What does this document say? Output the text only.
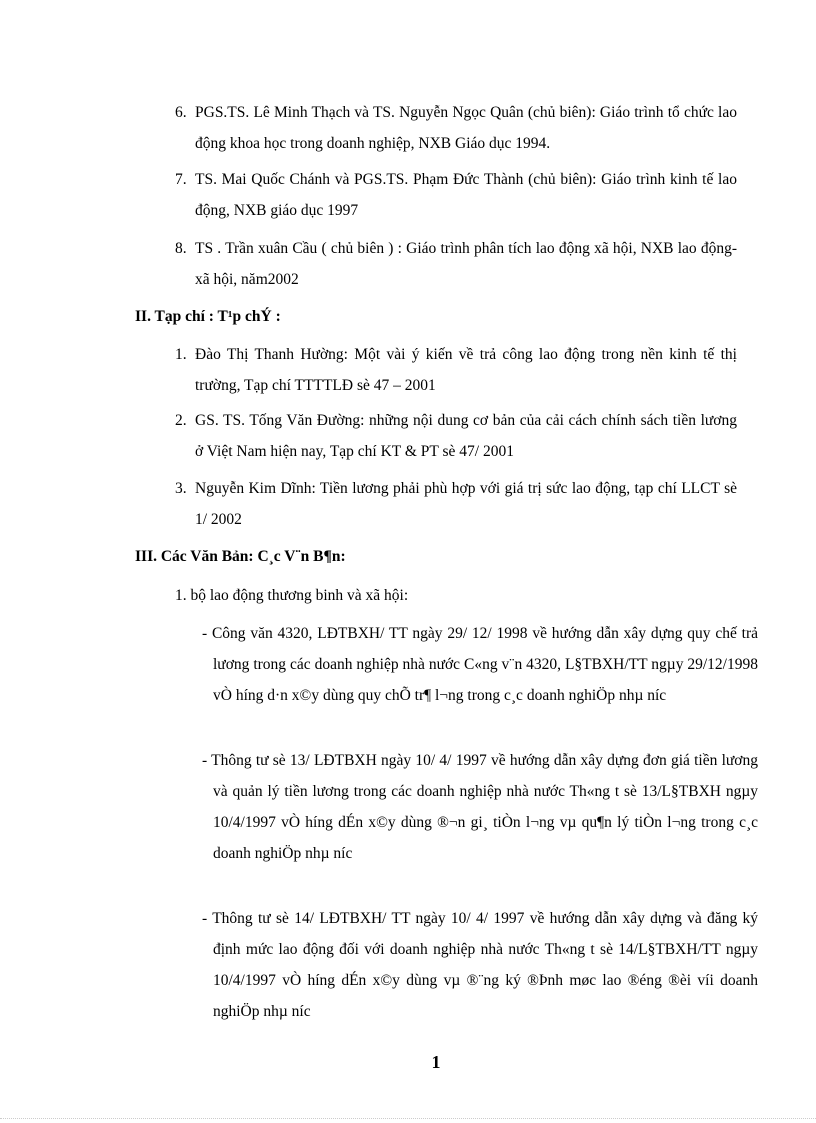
6. PGS.TS. Lê Minh Thạch và TS. Nguyễn Ngọc Quân (chủ biên): Giáo trình tổ chức lao động khoa học trong doanh nghiệp, NXB Giáo dục 1994.
7. TS. Mai Quốc Chánh và PGS.TS. Phạm Đức Thành (chủ biên): Giáo trình kinh tế lao động, NXB giáo dục 1997
8. TS . Trần xuân Cầu ( chủ biên ) : Giáo trình phân tích lao động xã hội, NXB lao động- xã hội, năm2002
II. Tạp chí : T¹p chÝ :
1. Đào Thị Thanh Hường: Một vài ý kiến về trả công lao động trong nền kinh tế thị trường, Tạp chí TTTTLĐ sè 47 – 2001
2. GS. TS. Tống Văn Đường: những nội dung cơ bản của cải cách chính sách tiền lương ở Việt Nam hiện nay, Tạp chí KT & PT sè 47/ 2001
3. Nguyễn Kim Dĩnh: Tiền lương phải phù hợp với giá trị sức lao động, tạp chí LLCT sè 1/ 2002
III. Các Văn Bản: C¸c V¨n B¶n:
1. bộ lao động thương binh và xã hội:
- Công văn 4320, LĐTBXH/ TT ngày 29/ 12/ 1998 về hướng dẫn xây dựng quy chế trả lương trong các doanh nghiệp nhà nước C«ng v¨n 4320, L§TBXH/TT ngµy 29/12/1998 vÒ híng d·n x©y dùng quy chÕ tr¶ l¬ng trong c¸c doanh nghiÖp nhµ níc
- Thông tư sè 13/ LĐTBXH ngày 10/ 4/ 1997 về hướng dẫn xây dựng đơn giá tiền lương và quản lý tiền lương trong các doanh nghiệp nhà nước Th«ng t sè 13/L§TBXH ngµy 10/4/1997 vÒ híng dÉn x©y dùng ®¬n gi¸ tiÒn l¬ng vµ qu¶n lý tiÒn l¬ng trong c¸c doanh nghiÖp nhµ níc
- Thông tư sè 14/ LĐTBXH/ TT ngày 10/ 4/ 1997 về hướng dẫn xây dựng và đăng ký định mức lao động đối với doanh nghiệp nhà nước Th«ng t sè 14/L§TBXH/TT ngµy 10/4/1997 vÒ híng dÉn x©y dùng vµ ®¨ng ký ®Þnh møc lao ®éng ®èi víi doanh nghiÖp nhµ níc
1
